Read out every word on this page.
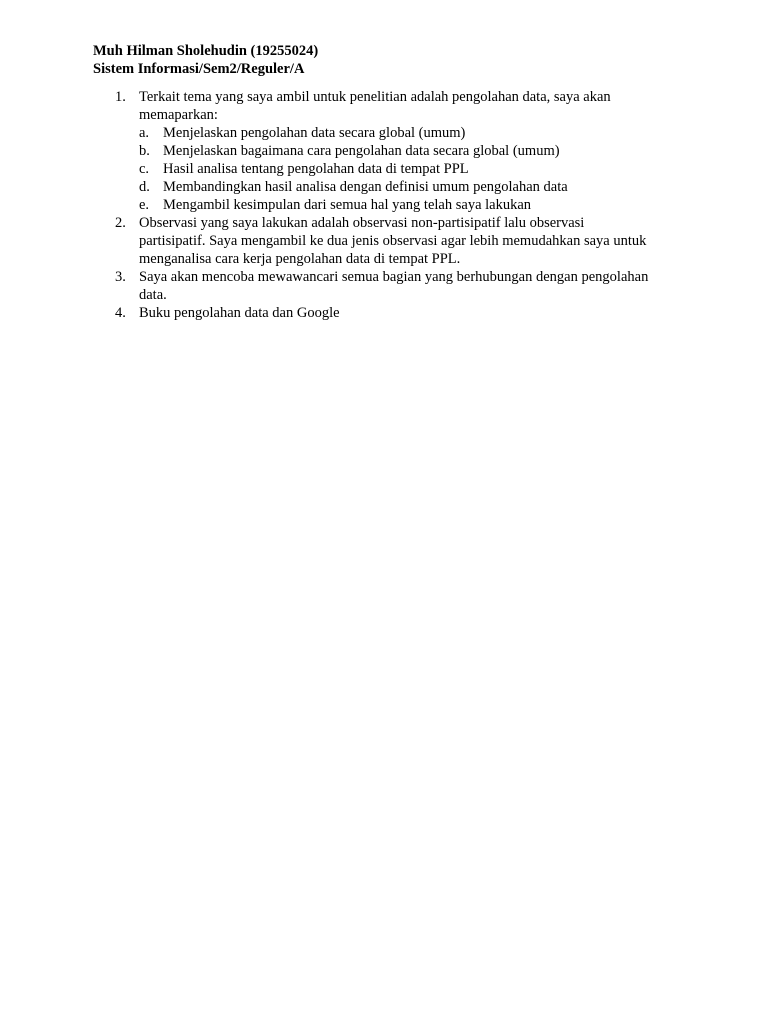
Muh Hilman Sholehudin (19255024)
Sistem Informasi/Sem2/Reguler/A
1. Terkait tema yang saya ambil untuk penelitian adalah pengolahan data, saya akan memaparkan:
a. Menjelaskan pengolahan data secara global (umum)
b. Menjelaskan bagaimana cara pengolahan data secara global (umum)
c. Hasil analisa tentang pengolahan data di tempat PPL
d. Membandingkan hasil analisa dengan definisi umum pengolahan data
e. Mengambil kesimpulan dari semua hal yang telah saya lakukan
2. Observasi yang saya lakukan adalah observasi non-partisipatif lalu observasi partisipatif. Saya mengambil ke dua jenis observasi agar lebih memudahkan saya untuk menganalisa cara kerja pengolahan data di tempat PPL.
3. Saya akan mencoba mewawancari semua bagian yang berhubungan dengan pengolahan data.
4. Buku pengolahan data dan Google
